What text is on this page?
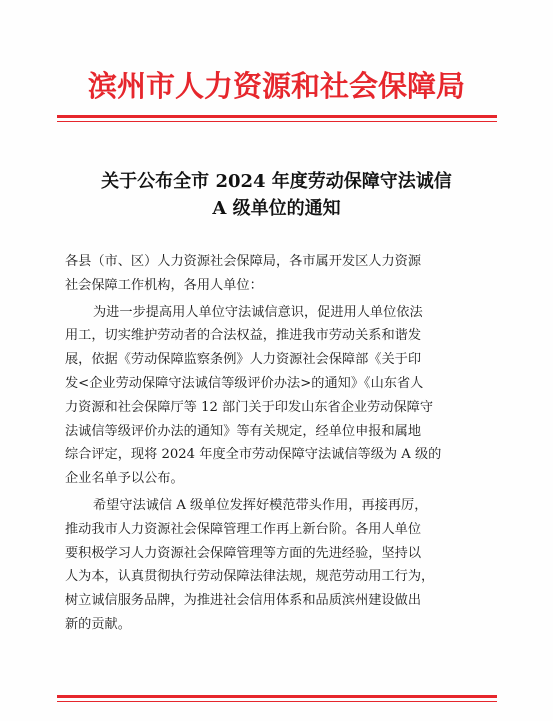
滨州市人力资源和社会保障局
关于公布全市 2024 年度劳动保障守法诚信
A 级单位的通知
各县（市、区）人力资源社会保障局，各市属开发区人力资源
社会保障工作机构，各用人单位：
为进一步提高用人单位守法诚信意识，促进用人单位依法
用工，切实维护劳动者的合法权益，推进我市劳动关系和谐发
展，依据《劳动保障监察条例》人力资源社会保障部《关于印
发<企业劳动保障守法诚信等级评价办法>的通知》《山东省人
力资源和社会保障厅等 12 部门关于印发山东省企业劳动保障守
法诚信等级评价办法的通知》等有关规定，经单位申报和属地
综合评定，现将 2024 年度全市劳动保障守法诚信等级为 A 级的
企业名单予以公布。
希望守法诚信 A 级单位发挥好模范带头作用，再接再厉，
推动我市人力资源社会保障管理工作再上新台阶。各用人单位
要积极学习人力资源社会保障管理等方面的先进经验，坚持以
人为本，认真贯彻执行劳动保障法律法规，规范劳动用工行为，
树立诚信服务品牌，为推进社会信用体系和品质滨州建设做出
新的贡献。
